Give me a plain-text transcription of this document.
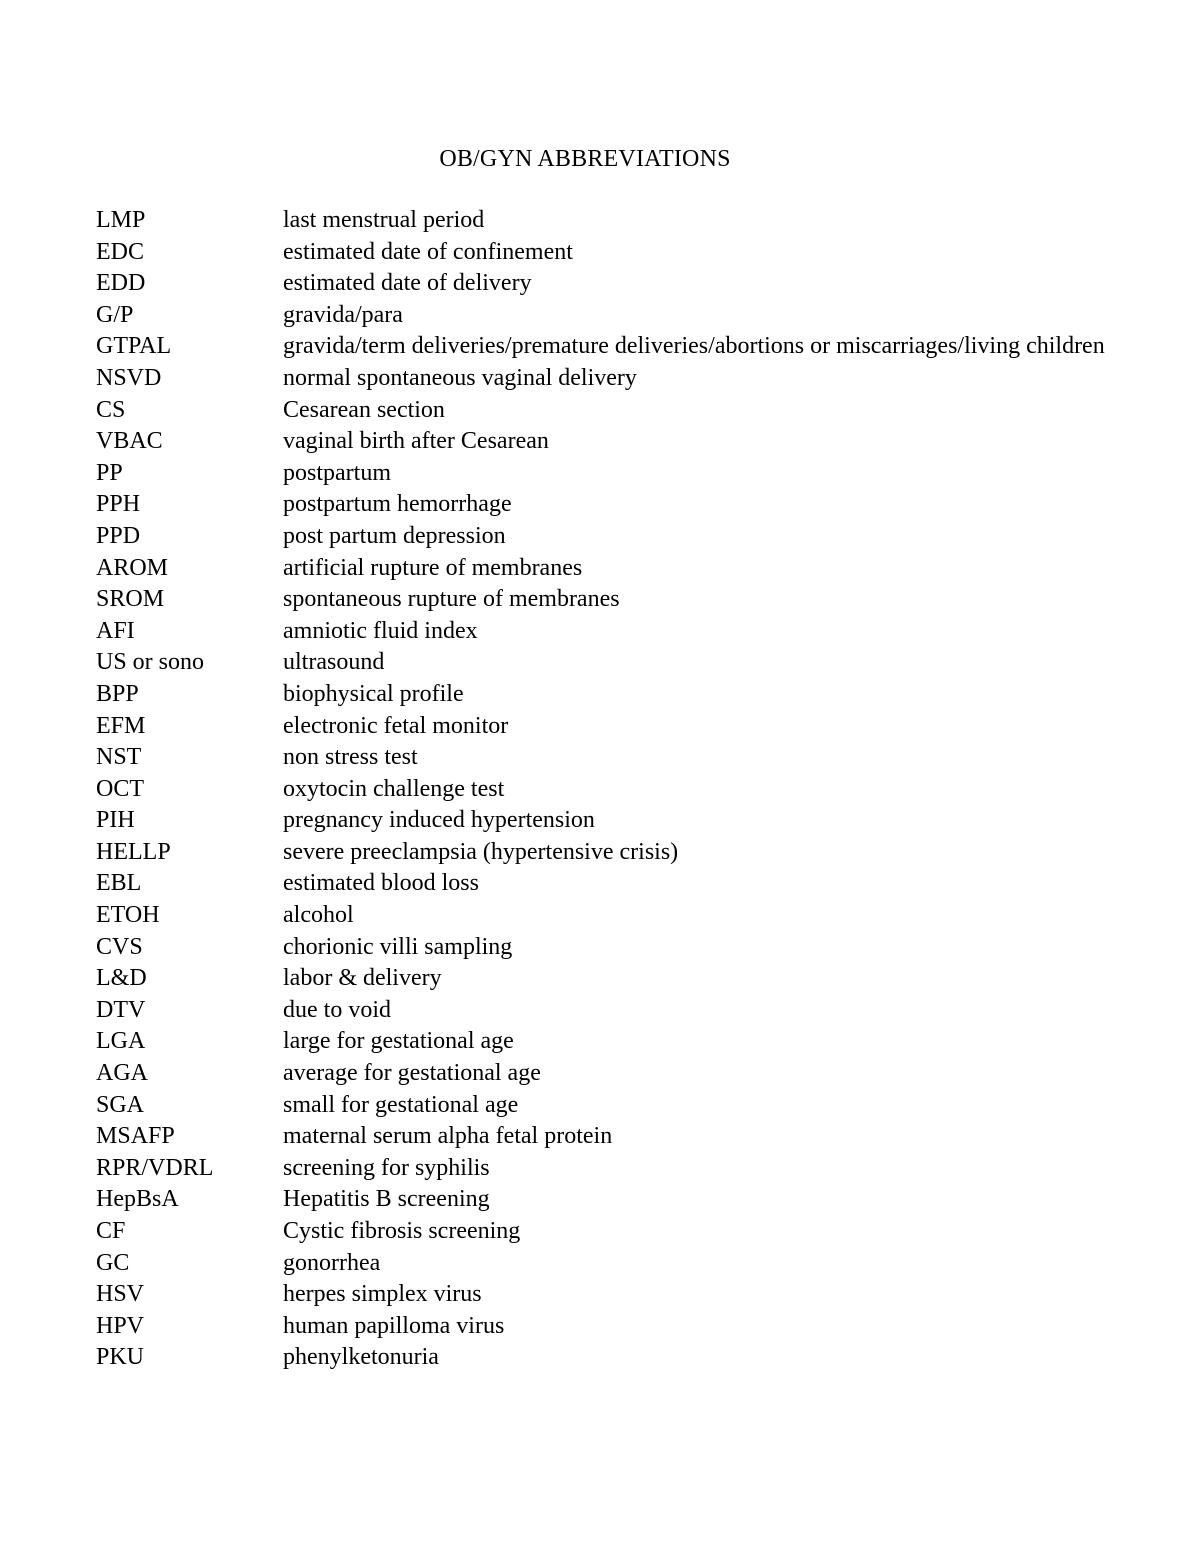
OB/GYN ABBREVIATIONS
LMP	last menstrual period
EDC	estimated date of confinement
EDD	estimated date of delivery
G/P	gravida/para
GTPAL	gravida/term deliveries/premature deliveries/abortions or miscarriages/living children
NSVD	normal spontaneous vaginal delivery
CS	Cesarean section
VBAC	vaginal birth after Cesarean
PP	postpartum
PPH	postpartum hemorrhage
PPD	post partum depression
AROM	artificial rupture of membranes
SROM	spontaneous rupture of membranes
AFI	amniotic fluid index
US or sono	ultrasound
BPP	biophysical profile
EFM	electronic fetal monitor
NST	non stress test
OCT	oxytocin challenge test
PIH	pregnancy induced hypertension
HELLP	severe preeclampsia (hypertensive crisis)
EBL	estimated blood loss
ETOH	alcohol
CVS	chorionic villi sampling
L&D	labor & delivery
DTV	due to void
LGA	large for gestational age
AGA	average for gestational age
SGA	small for gestational age
MSAFP	maternal serum alpha fetal protein
RPR/VDRL	screening for syphilis
HepBsA	Hepatitis B screening
CF	Cystic fibrosis screening
GC	gonorrhea
HSV	herpes simplex virus
HPV	human papilloma virus
PKU	phenylketonuria
